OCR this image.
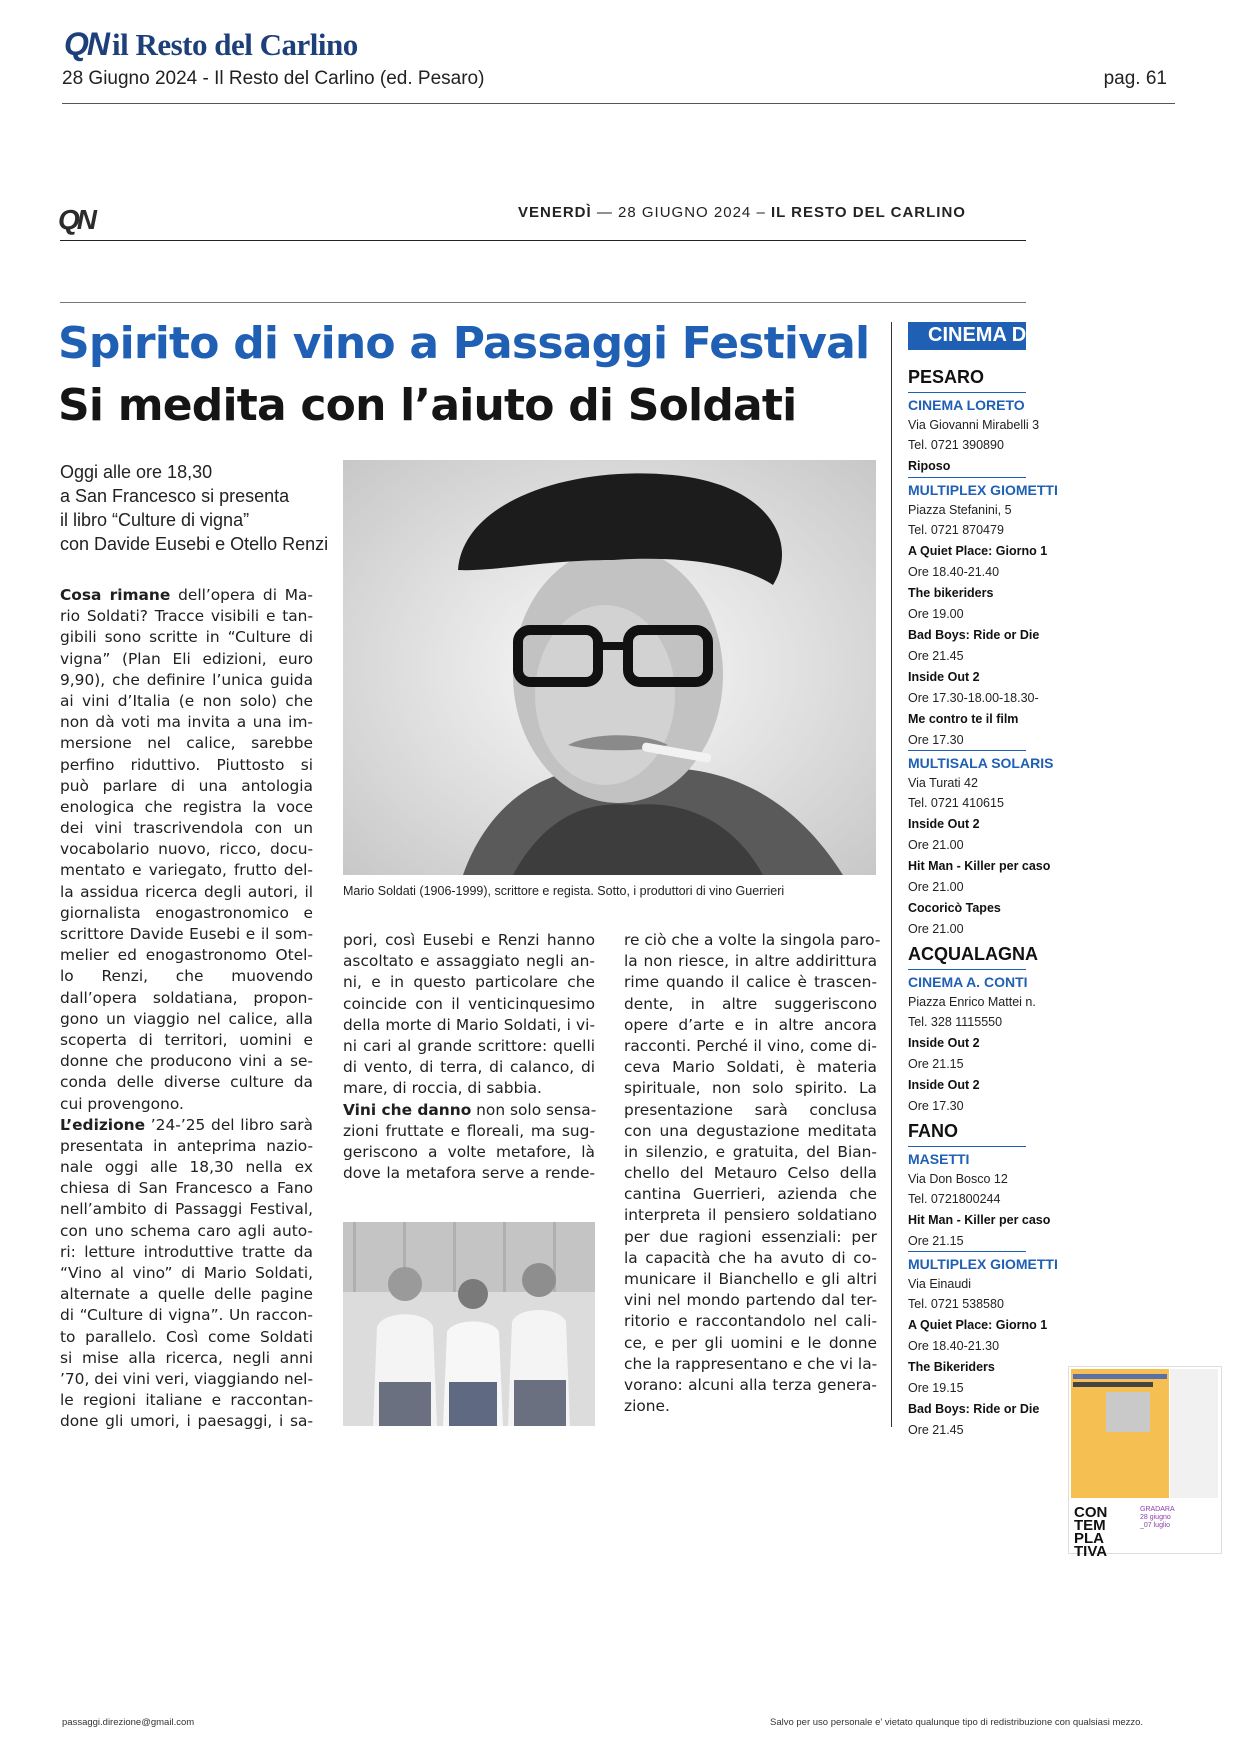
QN il Resto del Carlino
28 Giugno 2024 - Il Resto del Carlino (ed. Pesaro)	pag. 61
QN	VENERDÌ — 28 GIUGNO 2024 – IL RESTO DEL CARLINO
Spirito di vino a Passaggi Festival
Si medita con l’aiuto di Soldati
Oggi alle ore 18,30
a San Francesco si presenta
il libro “Culture di vigna”
con Davide Eusebi e Otello Renzi
Mario Soldati (1906-1999), scrittore e regista. Sotto, i produttori di vino Guerrieri
Cosa rimane dell’opera di Ma-
rio Soldati? Tracce visibili e tan-
gibili sono scritte in “Culture di
vigna” (Plan Eli edizioni, euro
9,90), che definire l’unica guida
ai vini d’Italia (e non solo) che
non dà voti ma invita a una im-
mersione nel calice, sarebbe
perfino riduttivo. Piuttosto si
può parlare di una antologia
enologica che registra la voce
dei vini trascrivendola con un
vocabolario nuovo, ricco, docu-
mentato e variegato, frutto del-
la assidua ricerca degli autori, il
giornalista enogastronomico e
scrittore Davide Eusebi e il som-
melier ed enogastronomo Otel-
lo Renzi, che muovendo
dall’opera soldatiana, propon-
gono un viaggio nel calice, alla
scoperta di territori, uomini e
donne che producono vini a se-
conda delle diverse culture da
cui provengono.
L’edizione ’24-’25 del libro sarà
presentata in anteprima nazio-
nale oggi alle 18,30 nella ex
chiesa di San Francesco a Fano
nell’ambito di Passaggi Festival,
con uno schema caro agli auto-
ri: letture introduttive tratte da
“Vino al vino” di Mario Soldati,
alternate a quelle delle pagine
di “Culture di vigna”. Un raccon-
to parallelo. Così come Soldati
si mise alla ricerca, negli anni
’70, dei vini veri, viaggiando nel-
le regioni italiane e raccontan-
done gli umori, i paesaggi, i sa-
pori, così Eusebi e Renzi hanno
ascoltato e assaggiato negli an-
ni, e in questo particolare che
coincide con il venticinquesimo
della morte di Mario Soldati, i vi-
ni cari al grande scrittore: quelli
di vento, di terra, di calanco, di
mare, di roccia, di sabbia.
Vini che danno non solo sensa-
zioni fruttate e floreali, ma sug-
geriscono a volte metafore, là
dove la metafora serve a rende-
re ciò che a volte la singola paro-
la non riesce, in altre addirittura
rime quando il calice è trascen-
dente, in altre suggeriscono
opere d’arte e in altre ancora
racconti. Perché il vino, come di-
ceva Mario Soldati, è materia
spirituale, non solo spirito. La
presentazione sarà conclusa
con una degustazione meditata
in silenzio, e gratuita, del Bian-
chello del Metauro Celso della
cantina Guerrieri, azienda che
interpreta il pensiero soldatiano
per due ragioni essenziali: per
la capacità che ha avuto di co-
municare il Bianchello e gli altri
vini nel mondo partendo dal ter-
ritorio e raccontandolo nel cali-
ce, e per gli uomini e le donne
che la rappresentano e che vi la-
vorano: alcuni alla terza genera-
zione.
CINEMA D
PESARO
CINEMA LORETO
Via Giovanni Mirabelli 3
Tel. 0721 390890
Riposo
MULTIPLEX GIOMETTI
Piazza Stefanini, 5
Tel. 0721 870479
A Quiet Place: Giorno 1
Ore 18.40-21.40
The bikeriders
Ore 19.00
Bad Boys: Ride or Die
Ore 21.45
Inside Out 2
Ore 17.30-18.00-18.30-
Me contro te il film
Ore 17.30
MULTISALA SOLARIS
Via Turati 42
Tel. 0721 410615
Inside Out 2
Ore 21.00
Hit Man - Killer per caso
Ore 21.00
Cocoricò Tapes
Ore 21.00
ACQUALAGNA
CINEMA A. CONTI
Piazza Enrico Mattei n.
Tel. 328 1115550
Inside Out 2
Ore 21.15
Inside Out 2
Ore 17.30
FANO
MASETTI
Via Don Bosco 12
Tel. 0721800244
Hit Man - Killer per caso
Ore 21.15
MULTIPLEX GIOMETTI
Via Einaudi
Tel. 0721 538580
A Quiet Place: Giorno 1
Ore 18.40-21.30
The Bikeriders
Ore 19.15
Bad Boys: Ride or Die
Ore 21.45
CON
TEM
PLA
TIVA
GRADARA
28 giugno
_07 luglio
passaggi.direzione@gmail.com	Salvo per uso personale e' vietato qualunque tipo di redistribuzione con qualsiasi mezzo.
